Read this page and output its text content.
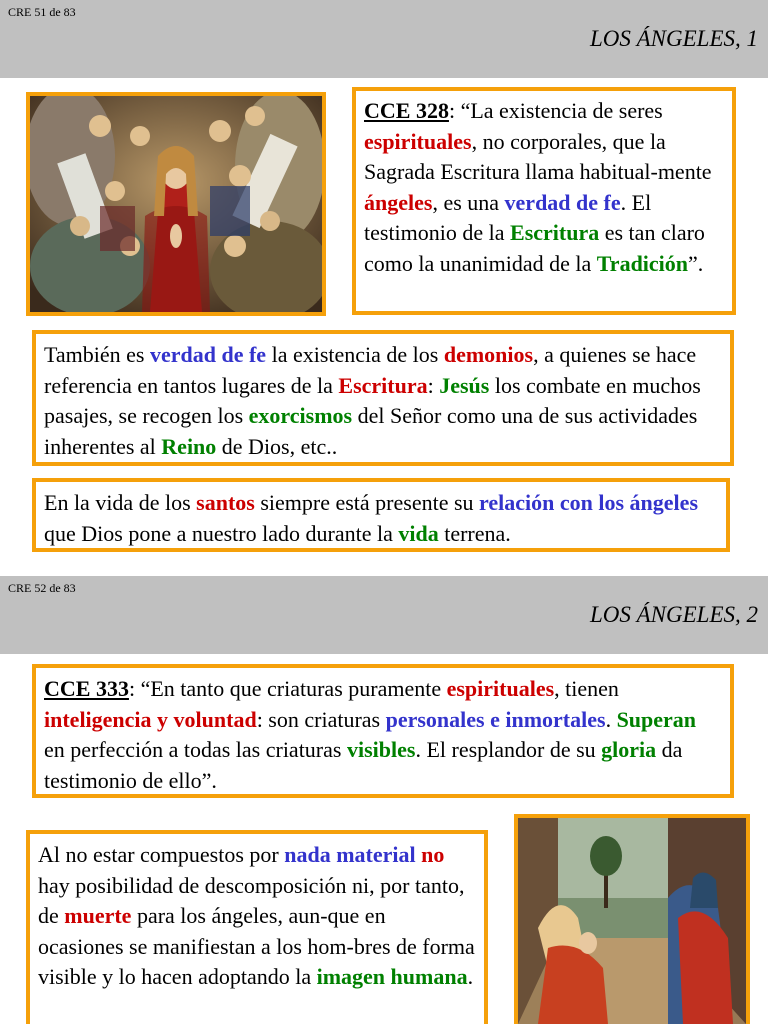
CRE 51 de 83
LOS ÁNGELES, 1
CCE 328: “La existencia de seres espirituales, no corporales, que la Sagrada Escritura llama habitual-mente ángeles, es una verdad de fe. El testimonio de la Escritura es tan claro como la unanimidad de la Tradición”.
También es verdad de fe la existencia de los demonios, a quienes se hace referencia en tantos lugares de la Escritura: Jesús los combate en muchos pasajes, se recogen los exorcismos del Señor como una de sus actividades inherentes al Reino de Dios, etc..
En la vida de los santos siempre está presente su relación con los ángeles que Dios pone a nuestro lado durante la vida terrena.
CRE 52 de 83
LOS ÁNGELES, 2
CCE 333: “En tanto que criaturas puramente espirituales, tienen inteligencia y voluntad: son criaturas personales e inmortales. Superan en perfección a todas las criaturas visibles. El resplandor de su gloria da testimonio de ello”.
Al no estar compuestos por nada material no hay posibilidad de descomposición ni, por tanto, de muerte para los ángeles, aun-que en ocasiones se manifiestan a los hom-bres de forma visible y lo hacen adoptando la imagen humana.
